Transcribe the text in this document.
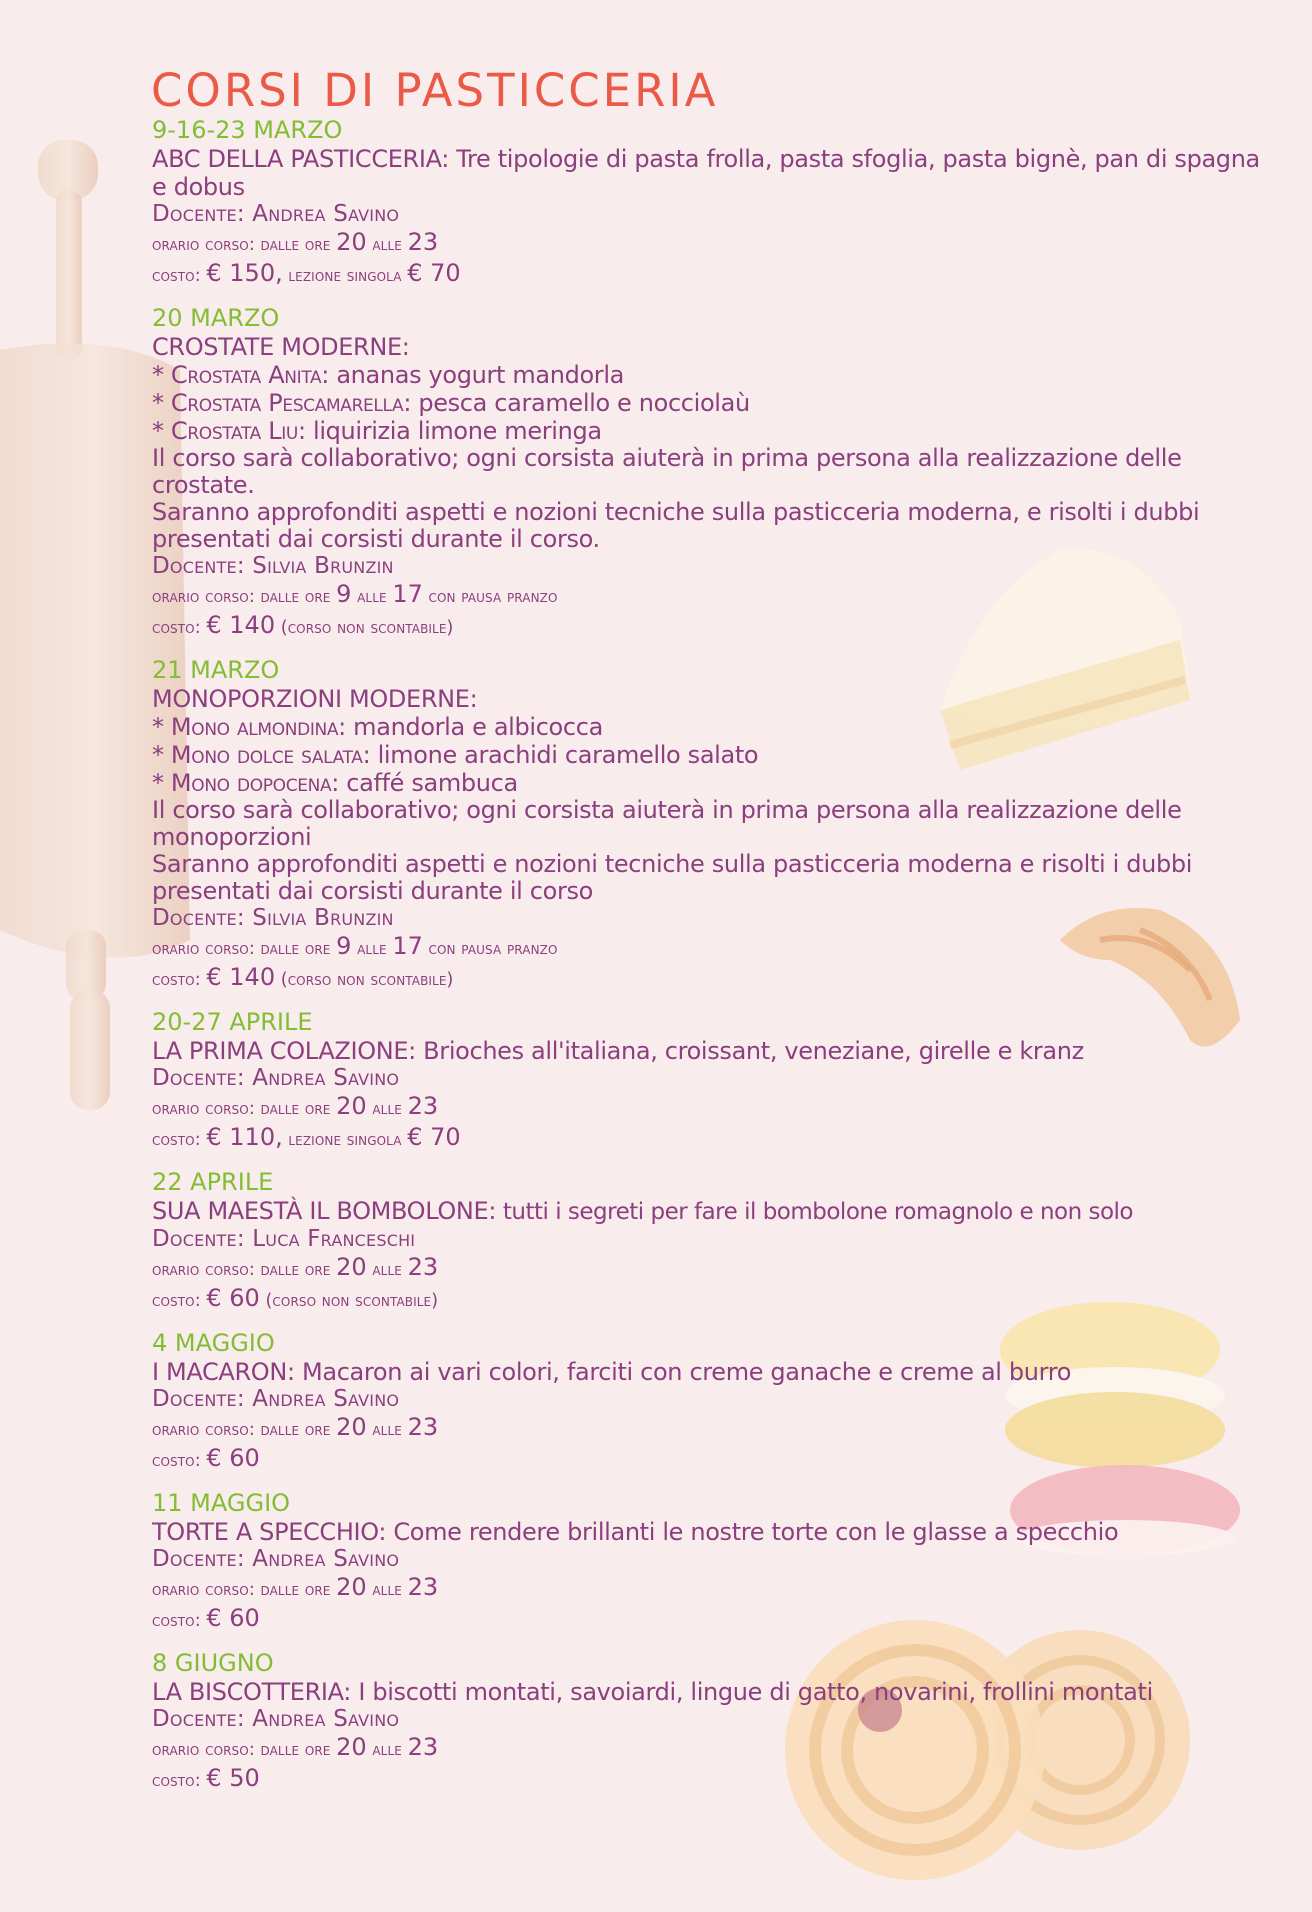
CORSI DI PASTICCERIA
9-16-23 MARZO
ABC DELLA PASTICCERIA: Tre tipologie di pasta frolla, pasta sfoglia, pasta bignè, pan di spagna e dobus
Docente: Andrea Savino
orario corso: dalle ore 20 alle 23
costo: € 150, lezione singola € 70
20 MARZO
CROSTATE MODERNE:
* Crostata Anita: ananas yogurt mandorla
* Crostata Pescamarella: pesca caramello e nocciolaù
* Crostata Liu: liquirizia limone meringa
Il corso sarà collaborativo; ogni corsista aiuterà in prima persona alla realizzazione delle crostate.
Saranno approfonditi aspetti e nozioni tecniche sulla pasticceria moderna, e risolti i dubbi presentati dai corsisti durante il corso.
Docente: Silvia Brunzin
orario corso: dalle ore 9 alle 17 con pausa pranzo
costo: € 140 (corso non scontabile)
21 MARZO
MONOPORZIONI MODERNE:
* Mono almondina: mandorla e albicocca
* Mono dolce salata: limone arachidi caramello salato
* Mono dopocena: caffé sambuca
Il corso sarà collaborativo; ogni corsista aiuterà in prima persona alla realizzazione delle monoporzioni
Saranno approfonditi aspetti e nozioni tecniche sulla pasticceria moderna e risolti i dubbi presentati dai corsisti durante il corso
Docente: Silvia Brunzin
orario corso: dalle ore 9 alle 17 con pausa pranzo
costo: € 140 (corso non scontabile)
20-27 APRILE
LA PRIMA COLAZIONE: Brioches all'italiana, croissant, veneziane, girelle e kranz
Docente: Andrea Savino
orario corso: dalle ore 20 alle 23
costo: € 110, lezione singola € 70
22 APRILE
SUA MAESTÀ IL BOMBOLONE: tutti i segreti per fare il bombolone romagnolo e non solo
Docente: Luca Franceschi
orario corso: dalle ore 20 alle 23
costo: € 60 (corso non scontabile)
4 MAGGIO
I MACARON: Macaron ai vari colori, farciti con creme ganache e creme al burro
Docente: Andrea Savino
orario corso: dalle ore 20 alle 23
costo: € 60
11 MAGGIO
TORTE A SPECCHIO: Come rendere brillanti le nostre torte con le glasse a specchio
Docente: Andrea Savino
orario corso: dalle ore 20 alle 23
costo: € 60
8 GIUGNO
LA BISCOTTERIA: I biscotti montati, savoiardi, lingue di gatto, novarini, frollini montati
Docente: Andrea Savino
orario corso: dalle ore 20 alle 23
costo: € 50
